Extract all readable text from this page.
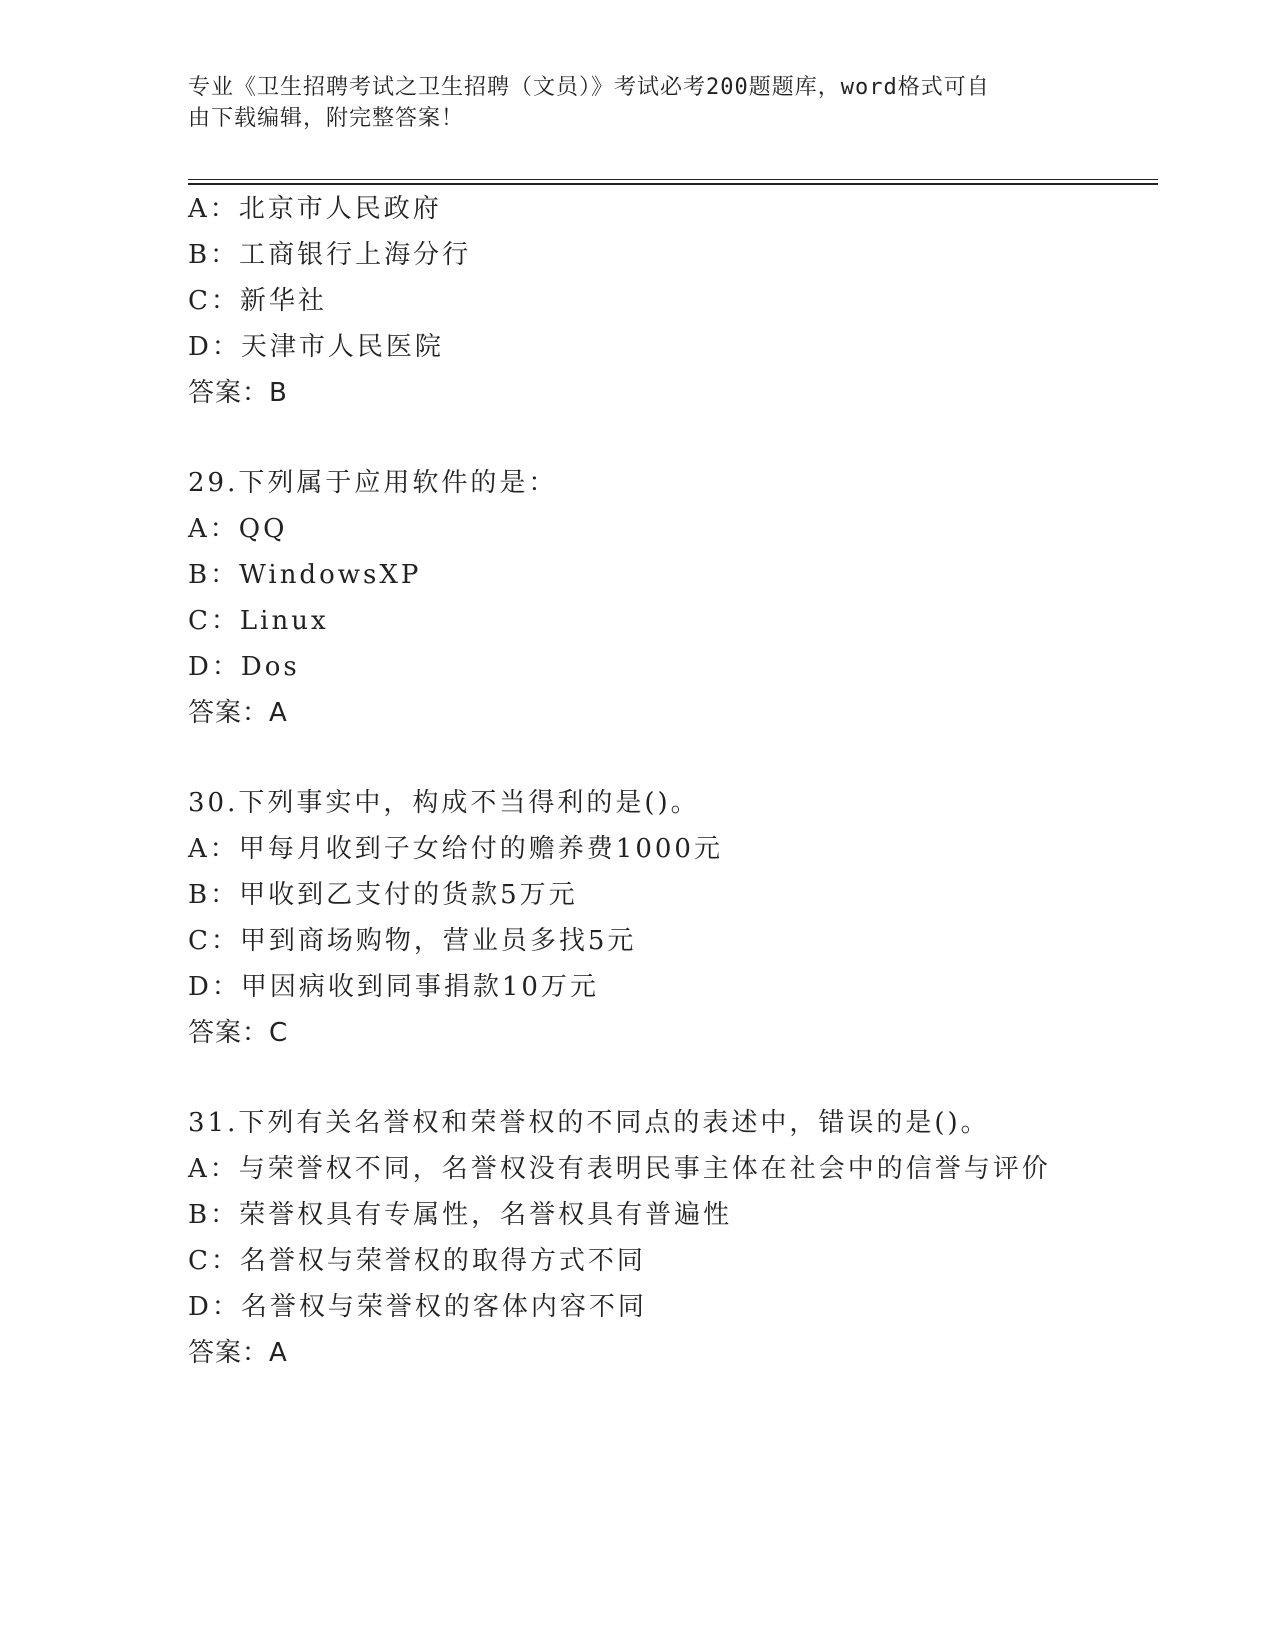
专业《卫生招聘考试之卫生招聘（文员）》考试必考200题题库，word格式可自
由下载编辑，附完整答案！
A：北京市人民政府
B：工商银行上海分行
C：新华社
D：天津市人民医院
答案：B
29.下列属于应用软件的是：
A：QQ
B：WindowsXP
C：Linux
D：Dos
答案：A
30.下列事实中，构成不当得利的是()。
A：甲每月收到子女给付的赡养费1000元
B：甲收到乙支付的货款5万元
C：甲到商场购物，营业员多找5元
D：甲因病收到同事捐款10万元
答案：C
31.下列有关名誉权和荣誉权的不同点的表述中，错误的是()。
A：与荣誉权不同，名誉权没有表明民事主体在社会中的信誉与评价
B：荣誉权具有专属性，名誉权具有普遍性
C：名誉权与荣誉权的取得方式不同
D：名誉权与荣誉权的客体内容不同
答案：A
